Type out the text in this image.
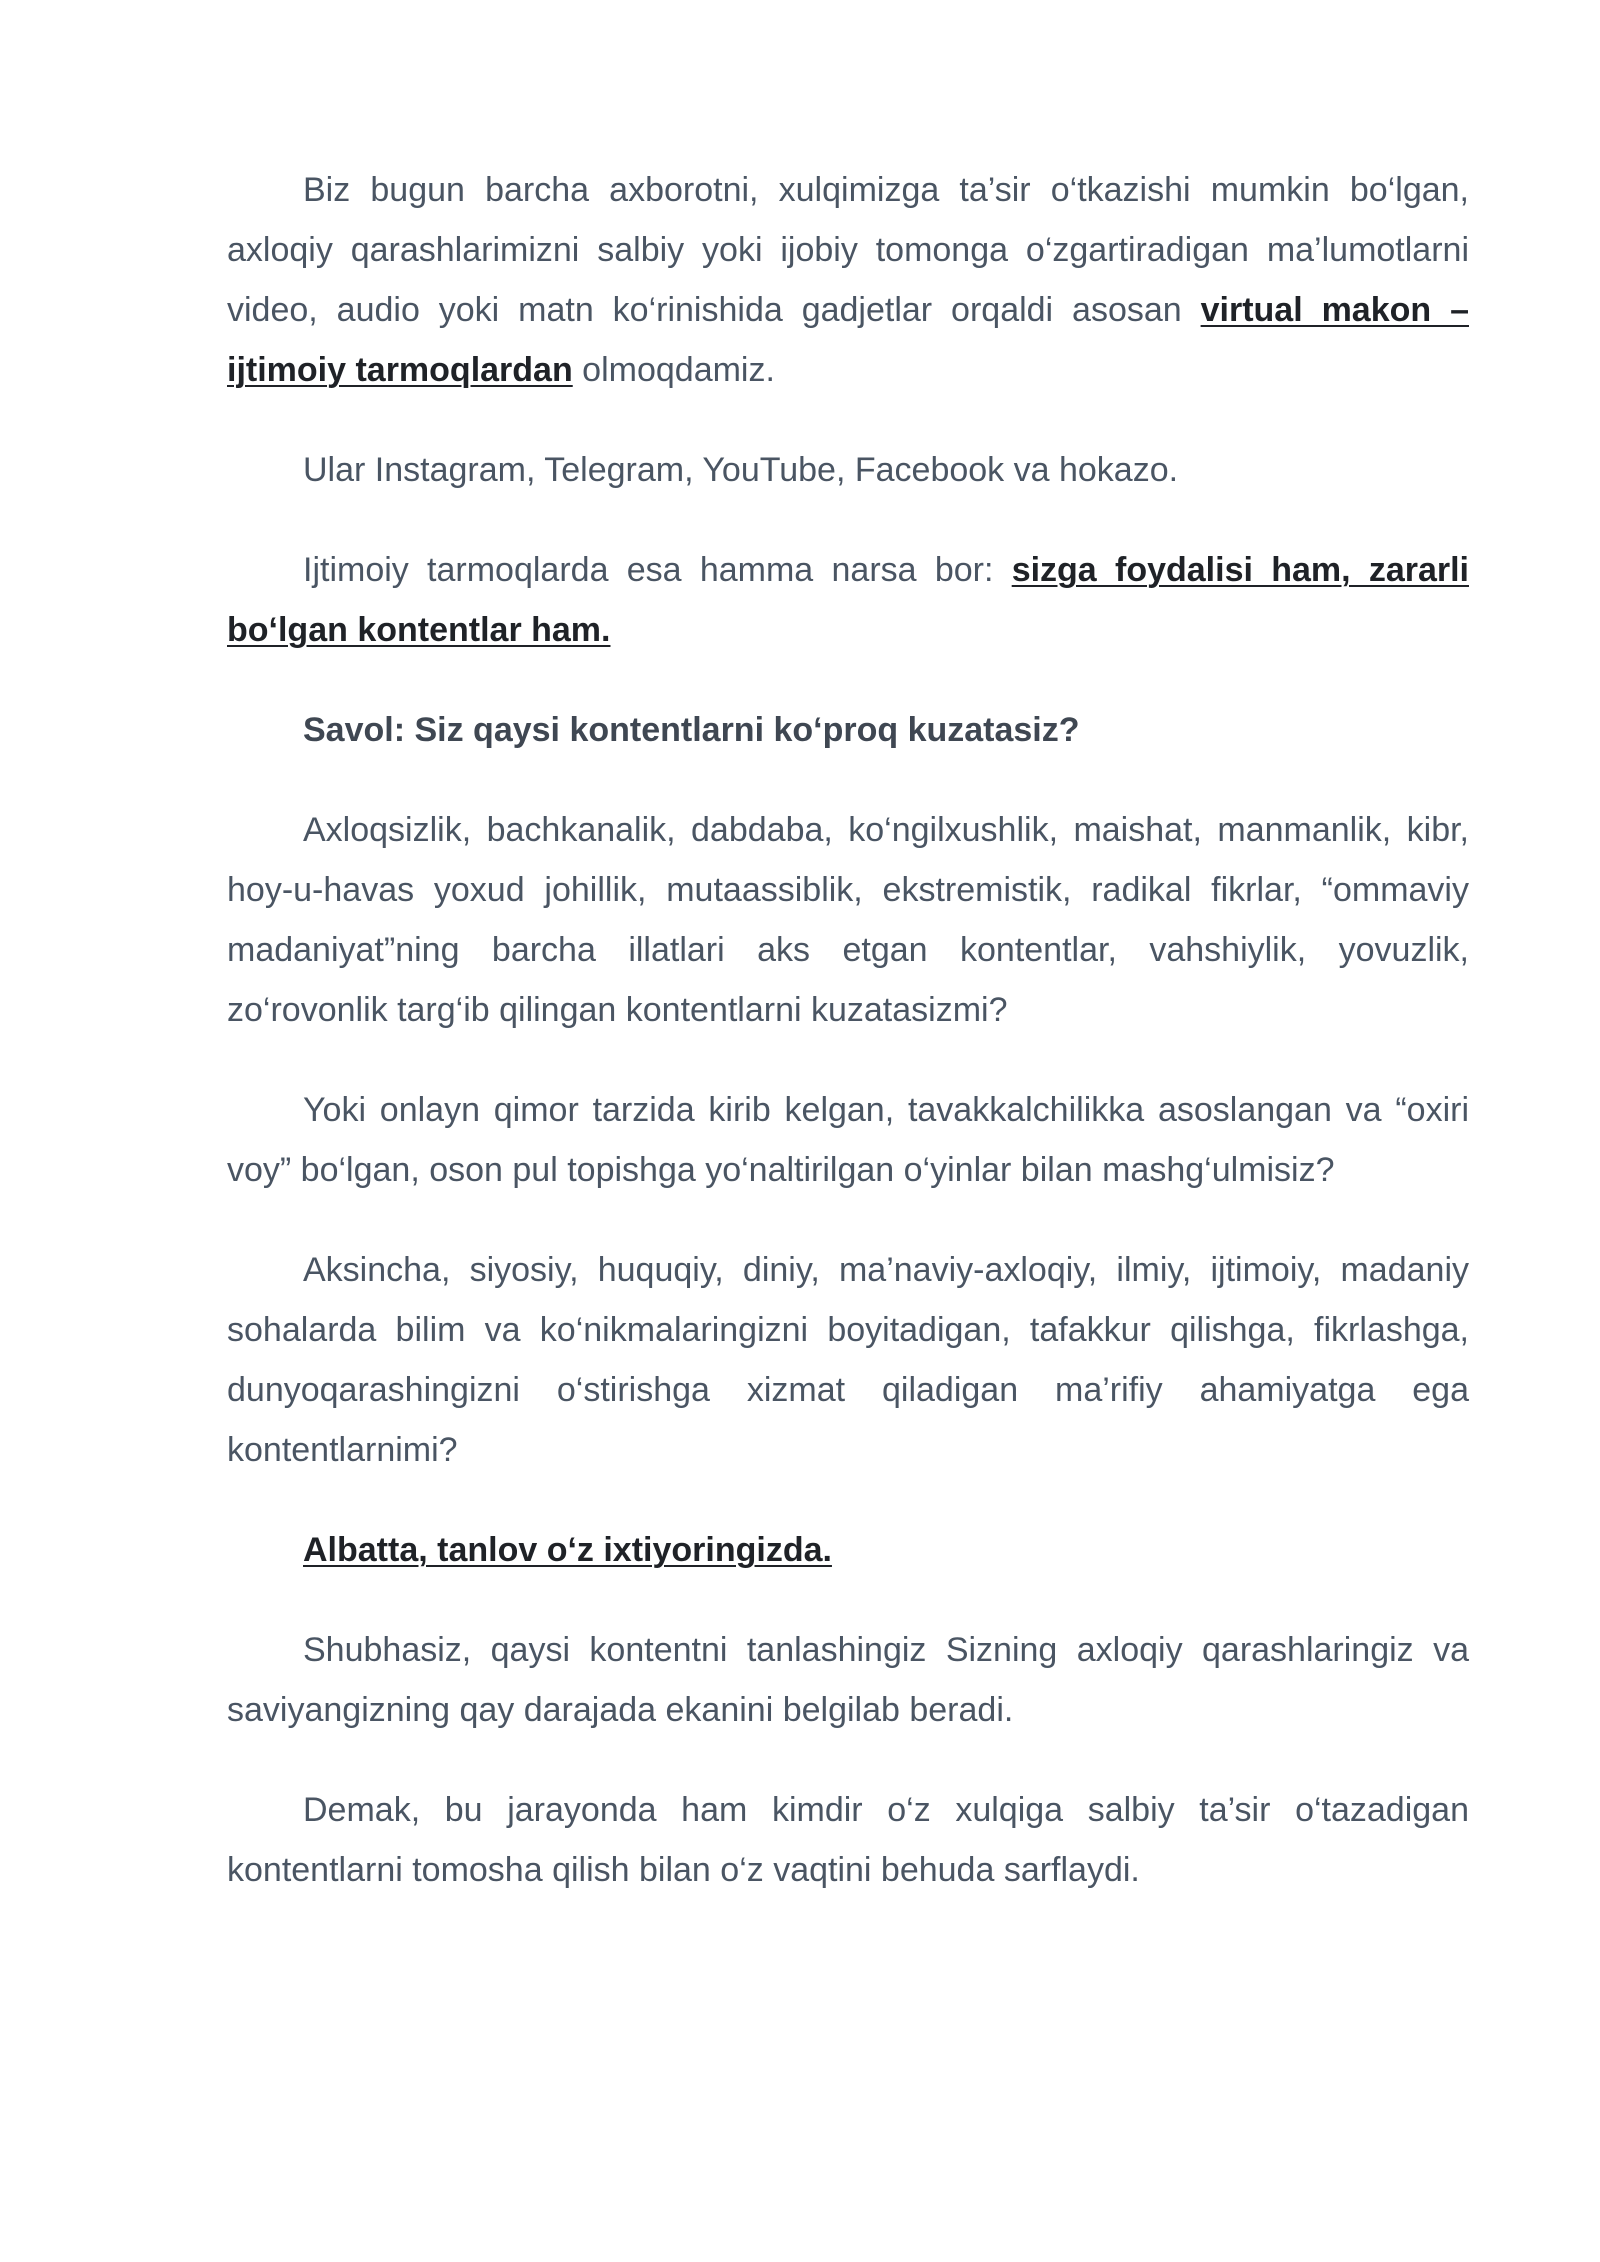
Biz bugun barcha axborotni, xulqimizga ta’sir o‘tkazishi mumkin bo‘lgan, axloqiy qarashlarimizni salbiy yoki ijobiy tomonga o‘zgartiradigan ma’lumotlarni video, audio yoki matn ko‘rinishida gadjetlar orqaldi asosan virtual makon – ijtimoiy tarmoqlardan olmoqdamiz.

Ular Instagram, Telegram, YouTube, Facebook va hokazo.

Ijtimoiy tarmoqlarda esa hamma narsa bor: sizga foydalisi ham, zararli bo‘lgan kontentlar ham.

Savol: Siz qaysi kontentlarni ko‘proq kuzatasiz?

Axloqsizlik, bachkanalik, dabdaba, ko‘ngilxushlik, maishat, manmanlik, kibr, hoy-u-havas yoxud johillik, mutaassiblik, ekstremistik, radikal fikrlar, “ommaviy madaniyat”ning barcha illatlari aks etgan kontentlar, vahshiylik, yovuzlik, zo‘rovonlik targ‘ib qilingan kontentlarni kuzatasizmi?

Yoki onlayn qimor tarzida kirib kelgan, tavakkalchilikka asoslangan va “oxiri voy” bo‘lgan, oson pul topishga yo‘naltirilgan o‘yinlar bilan mashg‘ulmisiz?

Aksincha, siyosiy, huquqiy, diniy, ma’naviy-axloqiy, ilmiy, ijtimoiy, madaniy sohalarda bilim va ko‘nikmalaringizni boyitadigan, tafakkur qilishga, fikrlashga, dunyoqarashingizni o‘stirishga xizmat qiladigan ma’rifiy ahamiyatga ega kontentlarnimi?

Albatta, tanlov o‘z ixtiyoringizda.

Shubhasiz, qaysi kontentni tanlashingiz Sizning axloqiy qarashlaringiz va saviyangizning qay darajada ekanini belgilab beradi.

Demak, bu jarayonda ham kimdir o‘z xulqiga salbiy ta’sir o‘tazadigan kontentlarni tomosha qilish bilan o‘z vaqtini behuda sarflaydi.
